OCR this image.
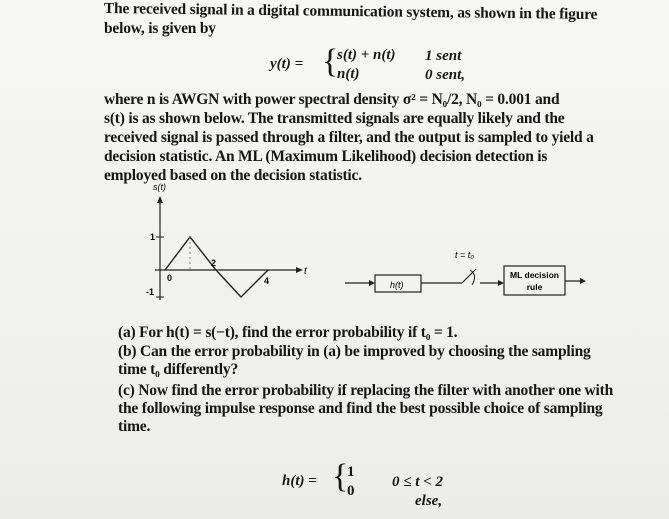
The received signal in a digital communication system, as shown in the figure
below, is given by
y(t) = {
s(t) + n(t) 1 sent
n(t)	0 sent,
where n is AWGN with power spectral density σ² = N₀/2, N₀ = 0.001 and
s(t) is as shown below. The transmitted signals are equally likely and the
received signal is passed through a filter, and the output is sampled to yield a
decision statistic. An ML (Maximum Likelihood) decision detection is
employed based on the decision statistic.
s(t)
t
1
-1
0
2
4	h(t)
t = t₀
ML decision
rule
(a) For h(t) = s(−t), find the error probability if t₀ = 1.
(b) Can the error probability in (a) be improved by choosing the sampling
time t₀ differently?
(c) Now find the error probability if replacing the filter with another one with
the following impulse response and find the best possible choice of sampling
time.
h(t) = {
1
0 ≤ t < 2
0
else,
